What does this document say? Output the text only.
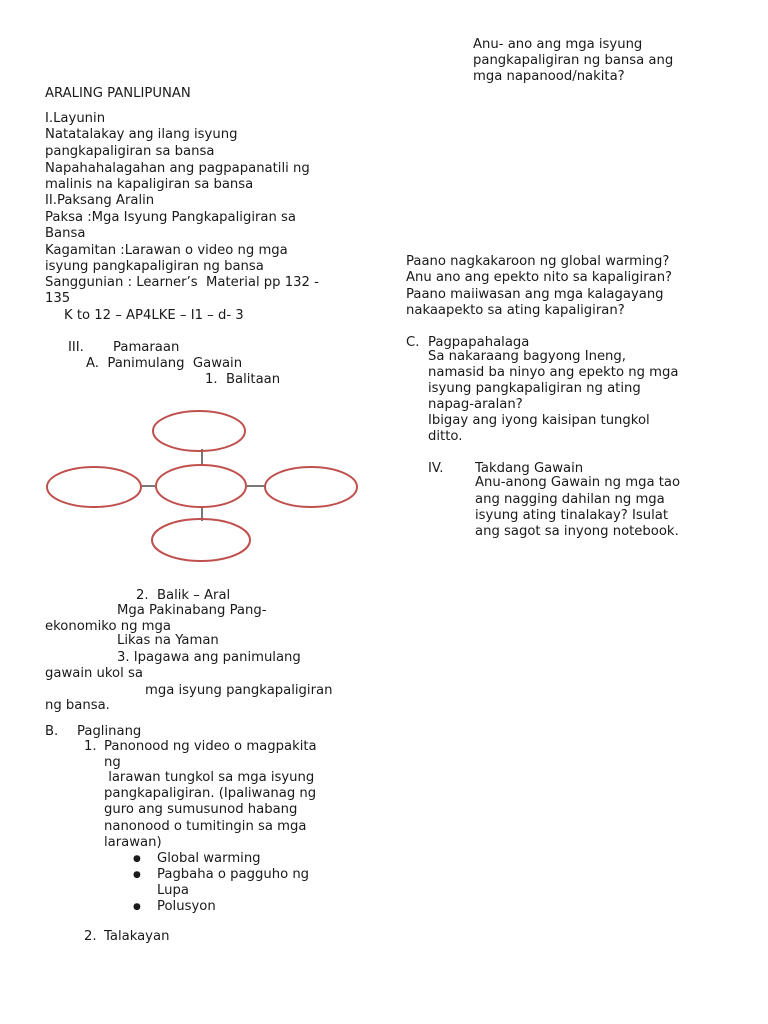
ARALING PANLIPUNAN

I.Layunin

Natatalakay ang ilang isyung

pangkapaligiran sa bansa

Napahahalagahan ang pagpapanatili ng

malinis na kapaligiran sa bansa

II.Paksang Aralin

Paksa :Mga Isyung Pangkapaligiran sa

Bansa

Kagamitan :Larawan o video ng mga

isyung pangkapaligiran ng bansa

Sanggunian : Learner’s  Material pp 132 -

135

K to 12 – AP4LKE – I1 – d- 3

III. Pamaraan

A.  Panimulang  Gawain

1.  Balitaan

2.  Balik – Aral

Mga Pakinabang Pang-

ekonomiko ng mga

Likas na Yaman

3. Ipagawa ang panimulang

gawain ukol sa

mga isyung pangkapaligiran

ng bansa.

B. Paglinang

1. Panonood ng video o magpakita

ng

larawan tungkol sa mga isyung

pangkapaligiran. (Ipaliwanag ng

guro ang sumusunod habang

nanonood o tumitingin sa mga

larawan)

● Global warming

● Pagbaha o pagguho ng

Lupa

● Polusyon

2. Talakayan

Anu- ano ang mga isyung

pangkapaligiran ng bansa ang

mga napanood/nakita?

Paano nagkakaroon ng global warming?

Anu ano ang epekto nito sa kapaligiran?

Paano maiiwasan ang mga kalagayang

nakaapekto sa ating kapaligiran?

C. Pagpapahalaga

Sa nakaraang bagyong Ineng,

namasid ba ninyo ang epekto ng mga

isyung pangkapaligiran ng ating

napag-aralan?

Ibigay ang iyong kaisipan tungkol

ditto.

IV. Takdang Gawain

Anu-anong Gawain ng mga tao

ang nagging dahilan ng mga

isyung ating tinalakay? Isulat

ang sagot sa inyong notebook.
